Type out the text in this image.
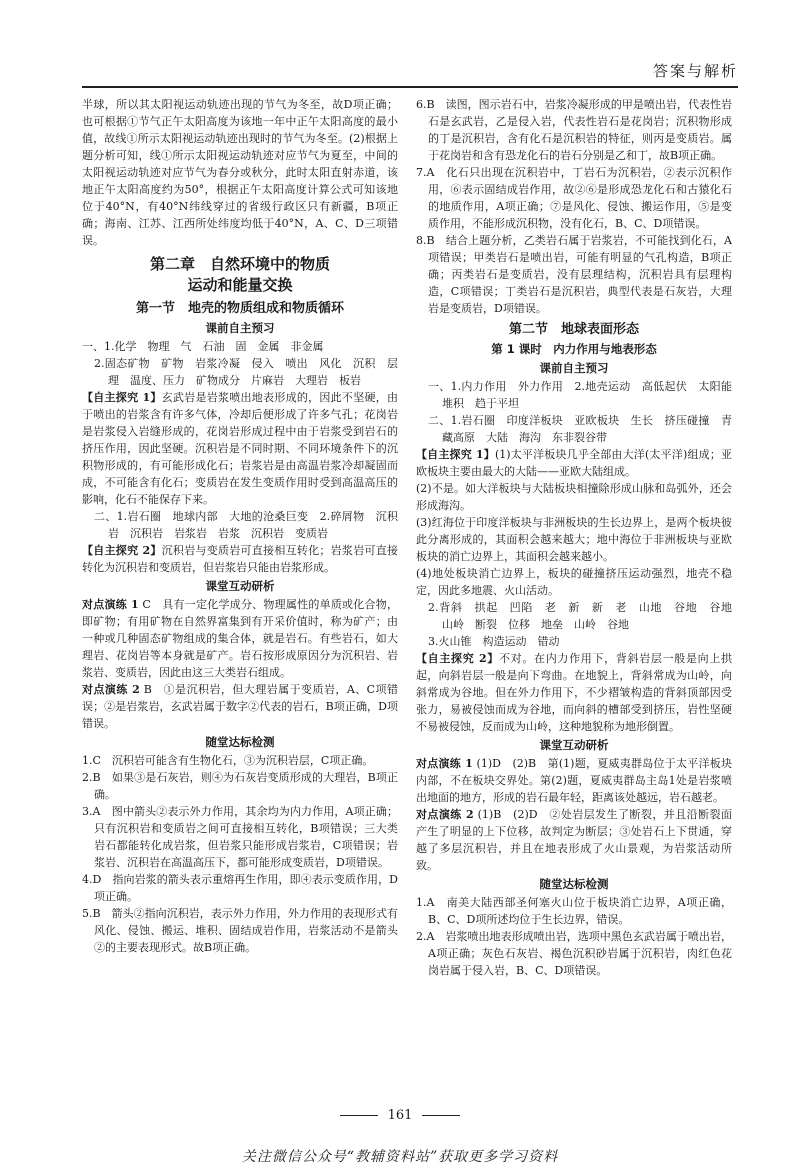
答案与解析

半球，所以其太阳视运动轨迹出现的节气为冬至，故D项正确；也可根据①节气正午太阳高度为该地一年中正午太阳高度的最小值，故线①所示太阳视运动轨迹出现时的节气为冬至。(2)根据上题分析可知，线①所示太阳视运动轨迹对应节气为夏至，中间的太阳视运动轨迹对应节气为春分或秋分，此时太阳直射赤道，该地正午太阳高度约为50°，根据正午太阳高度计算公式可知该地位于40°N，有40°N纬线穿过的省级行政区只有新疆，B项正确；海南、江苏、江西所处纬度均低于40°N，A、C、D三项错误。

第二章　自然环境中的物质
运动和能量交换
第一节　地壳的物质组成和物质循环
课前自主预习

一、1.化学　物理　气　石油　固　金属　非金属

2.固态矿物　矿物　岩浆冷凝　侵入　喷出　风化　沉积　层理　温度、压力　矿物成分　片麻岩　大理岩　板岩

【自主探究 1】玄武岩是岩浆喷出地表形成的，因此不坚硬，由于喷出的岩浆含有许多气体，冷却后便形成了许多气孔；花岗岩是岩浆侵入岩缝形成的，花岗岩形成过程中由于岩浆受到岩石的挤压作用，因此坚硬。沉积岩是不同时期、不同环境条件下的沉积物形成的，有可能形成化石；岩浆岩是由高温岩浆冷却凝固而成，不可能含有化石；变质岩在发生变质作用时受到高温高压的影响，化石不能保存下来。

二、1.岩石圈　地球内部　大地的沧桑巨变　2.碎屑物　沉积岩　沉积岩　岩浆岩　岩浆　沉积岩　变质岩

【自主探究 2】沉积岩与变质岩可直接相互转化；岩浆岩可直接转化为沉积岩和变质岩，但岩浆岩只能由岩浆形成。

课堂互动研析

对点演练 1 C　具有一定化学成分、物理属性的单质或化合物，即矿物；有用矿物在自然界富集到有开采价值时，称为矿产；由一种或几种固态矿物组成的集合体，就是岩石。有些岩石，如大理岩、花岗岩等本身就是矿产。岩石按形成原因分为沉积岩、岩浆岩、变质岩，因此由这三大类岩石组成。

对点演练 2 B　①是沉积岩，但大理岩属于变质岩，A、C项错误；②是岩浆岩，玄武岩属于数字②代表的岩石，B项正确，D项错误。

随堂达标检测

1.C　沉积岩可能含有生物化石，③为沉积岩层，C项正确。

2.B　如果③是石灰岩，则④为石灰岩变质形成的大理岩，B项正确。

3.A　图中箭头②表示外力作用，其余均为内力作用，A项正确；只有沉积岩和变质岩之间可直接相互转化，B项错误；三大类岩石都能转化成岩浆，但岩浆只能形成岩浆岩，C项错误；岩浆岩、沉积岩在高温高压下，都可能形成变质岩，D项错误。

4.D　指向岩浆的箭头表示重熔再生作用，即④表示变质作用，D项正确。

5.B　箭头②指向沉积岩，表示外力作用，外力作用的表现形式有风化、侵蚀、搬运、堆积、固结成岩作用，岩浆活动不是箭头②的主要表现形式。故B项正确。

6.B　读图，图示岩石中，岩浆冷凝形成的甲是喷出岩，代表性岩石是玄武岩，乙是侵入岩，代表性岩石是花岗岩；沉积物形成的丁是沉积岩，含有化石是沉积岩的特征，则丙是变质岩。属于花岗岩和含有恐龙化石的岩石分别是乙和丁，故B项正确。

7.A　化石只出现在沉积岩中，丁岩石为沉积岩，②表示沉积作用，⑥表示固结成岩作用，故②⑥是形成恐龙化石和古猿化石的地质作用，A项正确；⑦是风化、侵蚀、搬运作用，⑤是变质作用，不能形成沉积物，没有化石，B、C、D项错误。

8.B　结合上题分析，乙类岩石属于岩浆岩，不可能找到化石，A项错误；甲类岩石是喷出岩，可能有明显的气孔构造，B项正确；丙类岩石是变质岩，没有层理结构，沉积岩具有层理构造，C项错误；丁类岩石是沉积岩，典型代表是石灰岩，大理岩是变质岩，D项错误。

第二节　地球表面形态
第 1 课时　内力作用与地表形态
课前自主预习

一、1.内力作用　外力作用　2.地壳运动　高低起伏　太阳能　堆积　趋于平坦

二、1.岩石圈　印度洋板块　亚欧板块　生长　挤压碰撞　青藏高原　大陆　海沟　东非裂谷带

【自主探究 1】(1)太平洋板块几乎全部由大洋(太平洋)组成；亚欧板块主要由最大的大陆——亚欧大陆组成。

(2)不是。如大洋板块与大陆板块相撞除形成山脉和岛弧外，还会形成海沟。

(3)红海位于印度洋板块与非洲板块的生长边界上，是两个板块彼此分离形成的，其面积会越来越大；地中海位于非洲板块与亚欧板块的消亡边界上，其面积会越来越小。

(4)地处板块消亡边界上，板块的碰撞挤压运动强烈，地壳不稳定，因此多地震、火山活动。

2.背斜　拱起　凹陷　老　新　新　老　山地　谷地　谷地　山岭　断裂　位移　地垒　山岭　谷地

3.火山锥　构造运动　错动

【自主探究 2】不对。在内力作用下，背斜岩层一般是向上拱起，向斜岩层一般是向下弯曲。在地貌上，背斜常成为山岭，向斜常成为谷地。但在外力作用下，不少褶皱构造的背斜顶部因受张力，易被侵蚀而成为谷地，而向斜的槽部受到挤压，岩性坚硬不易被侵蚀，反而成为山岭，这种地貌称为地形倒置。

课堂互动研析

对点演练 1 (1)D　(2)B　第(1)题，夏威夷群岛位于太平洋板块内部，不在板块交界处。第(2)题，夏威夷群岛主岛1处是岩浆喷出地面的地方，形成的岩石最年轻，距离该处越远，岩石越老。

对点演练 2 (1)B　(2)D　②处岩层发生了断裂，并且沿断裂面产生了明显的上下位移，故判定为断层；③处岩石上下贯通，穿越了多层沉积岩，并且在地表形成了火山景观，为岩浆活动所致。

随堂达标检测

1.A　南美大陆西部圣何塞火山位于板块消亡边界，A项正确，B、C、D项所述均位于生长边界，错误。

2.A　岩浆喷出地表形成喷出岩，选项中黑色玄武岩属于喷出岩，A项正确；灰色石灰岩、褐色沉积砂岩属于沉积岩，肉红色花岗岩属于侵入岩，B、C、D项错误。

161
关注微信公众号“教辅资料站”获取更多学习资料
